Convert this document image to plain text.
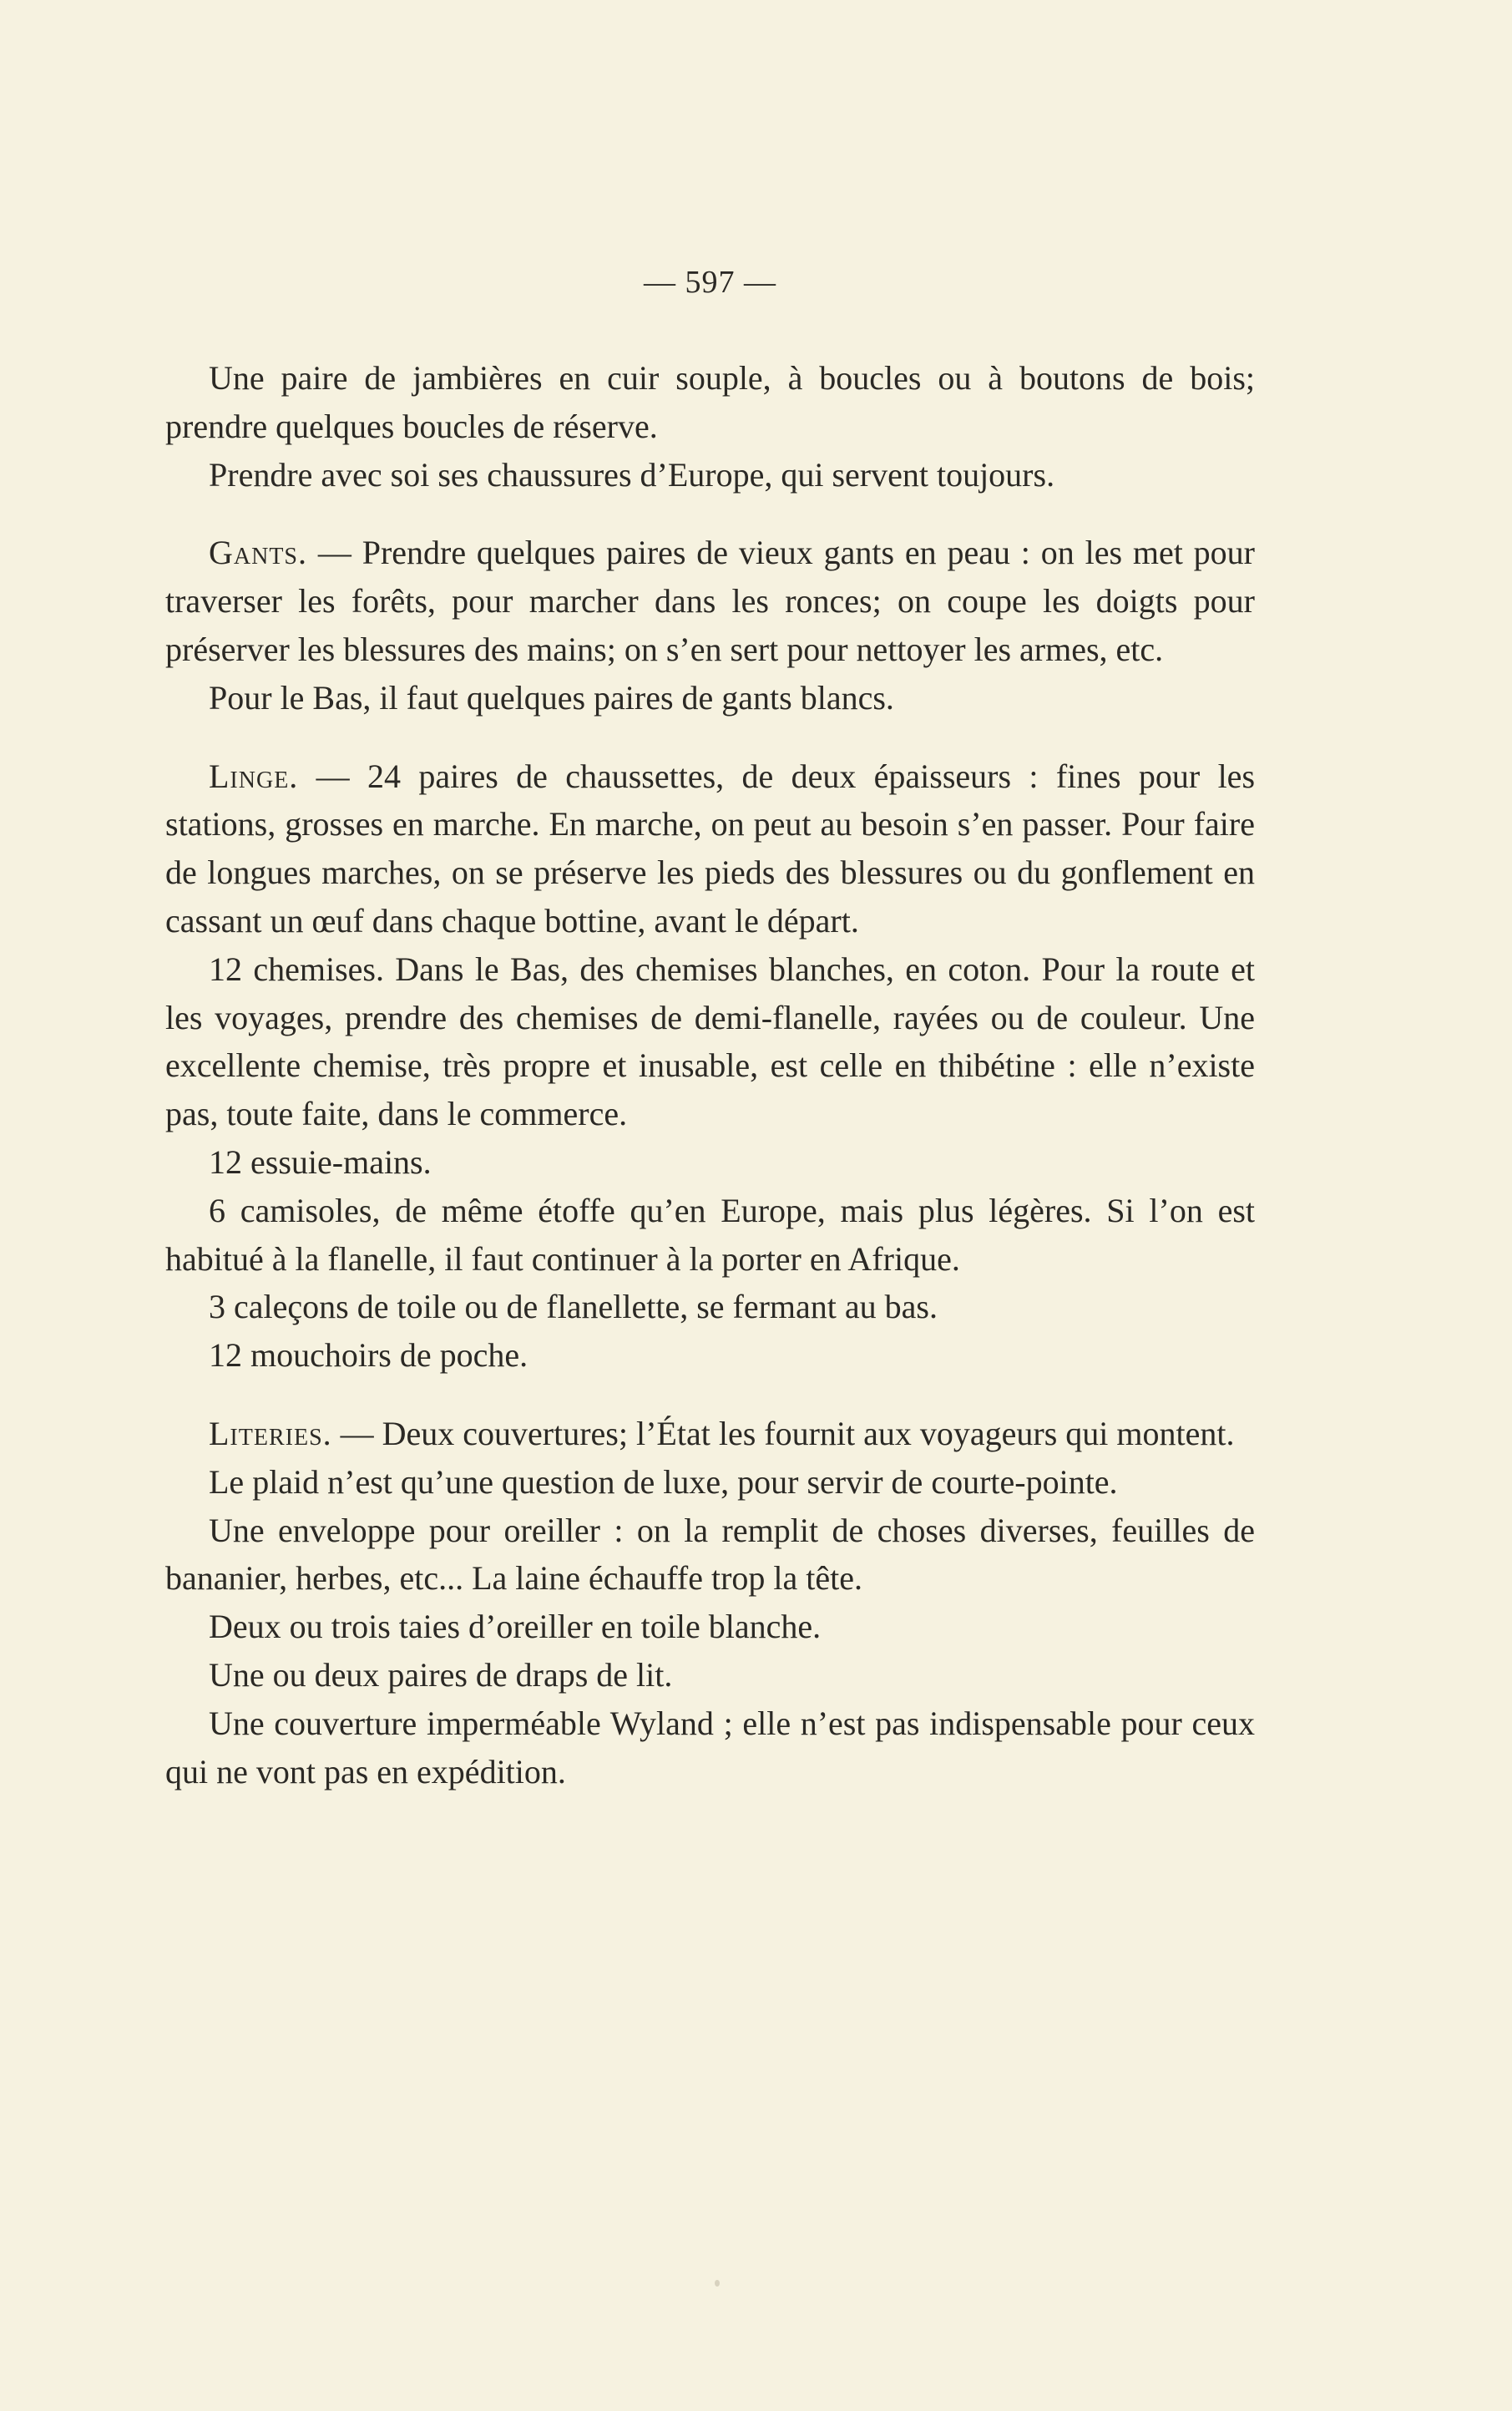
— 597 —

Une paire de jambières en cuir souple, à boucles ou à boutons de bois; prendre quelques boucles de réserve.

Prendre avec soi ses chaussures d’Europe, qui servent toujours.

Gants. — Prendre quelques paires de vieux gants en peau : on les met pour traverser les forêts, pour marcher dans les ronces; on coupe les doigts pour préserver les blessures des mains; on s’en sert pour nettoyer les armes, etc.

Pour le Bas, il faut quelques paires de gants blancs.

Linge. — 24 paires de chaussettes, de deux épaisseurs : fines pour les stations, grosses en marche. En marche, on peut au besoin s’en passer. Pour faire de longues marches, on se préserve les pieds des blessures ou du gonflement en cassant un œuf dans chaque bottine, avant le départ.

12 chemises. Dans le Bas, des chemises blanches, en coton. Pour la route et les voyages, prendre des chemises de demi-flanelle, rayées ou de couleur. Une excellente chemise, très propre et inusable, est celle en thibétine : elle n’existe pas, toute faite, dans le commerce.

12 essuie-mains.

6 camisoles, de même étoffe qu’en Europe, mais plus légères. Si l’on est habitué à la flanelle, il faut continuer à la porter en Afrique.

3 caleçons de toile ou de flanellette, se fermant au bas.

12 mouchoirs de poche.

Literies. — Deux couvertures; l’État les fournit aux voyageurs qui montent.

Le plaid n’est qu’une question de luxe, pour servir de courte-pointe.

Une enveloppe pour oreiller : on la remplit de choses diverses, feuilles de bananier, herbes, etc... La laine échauffe trop la tête.

Deux ou trois taies d’oreiller en toile blanche.

Une ou deux paires de draps de lit.

Une couverture imperméable Wyland ; elle n’est pas indispensable pour ceux qui ne vont pas en expédition.
